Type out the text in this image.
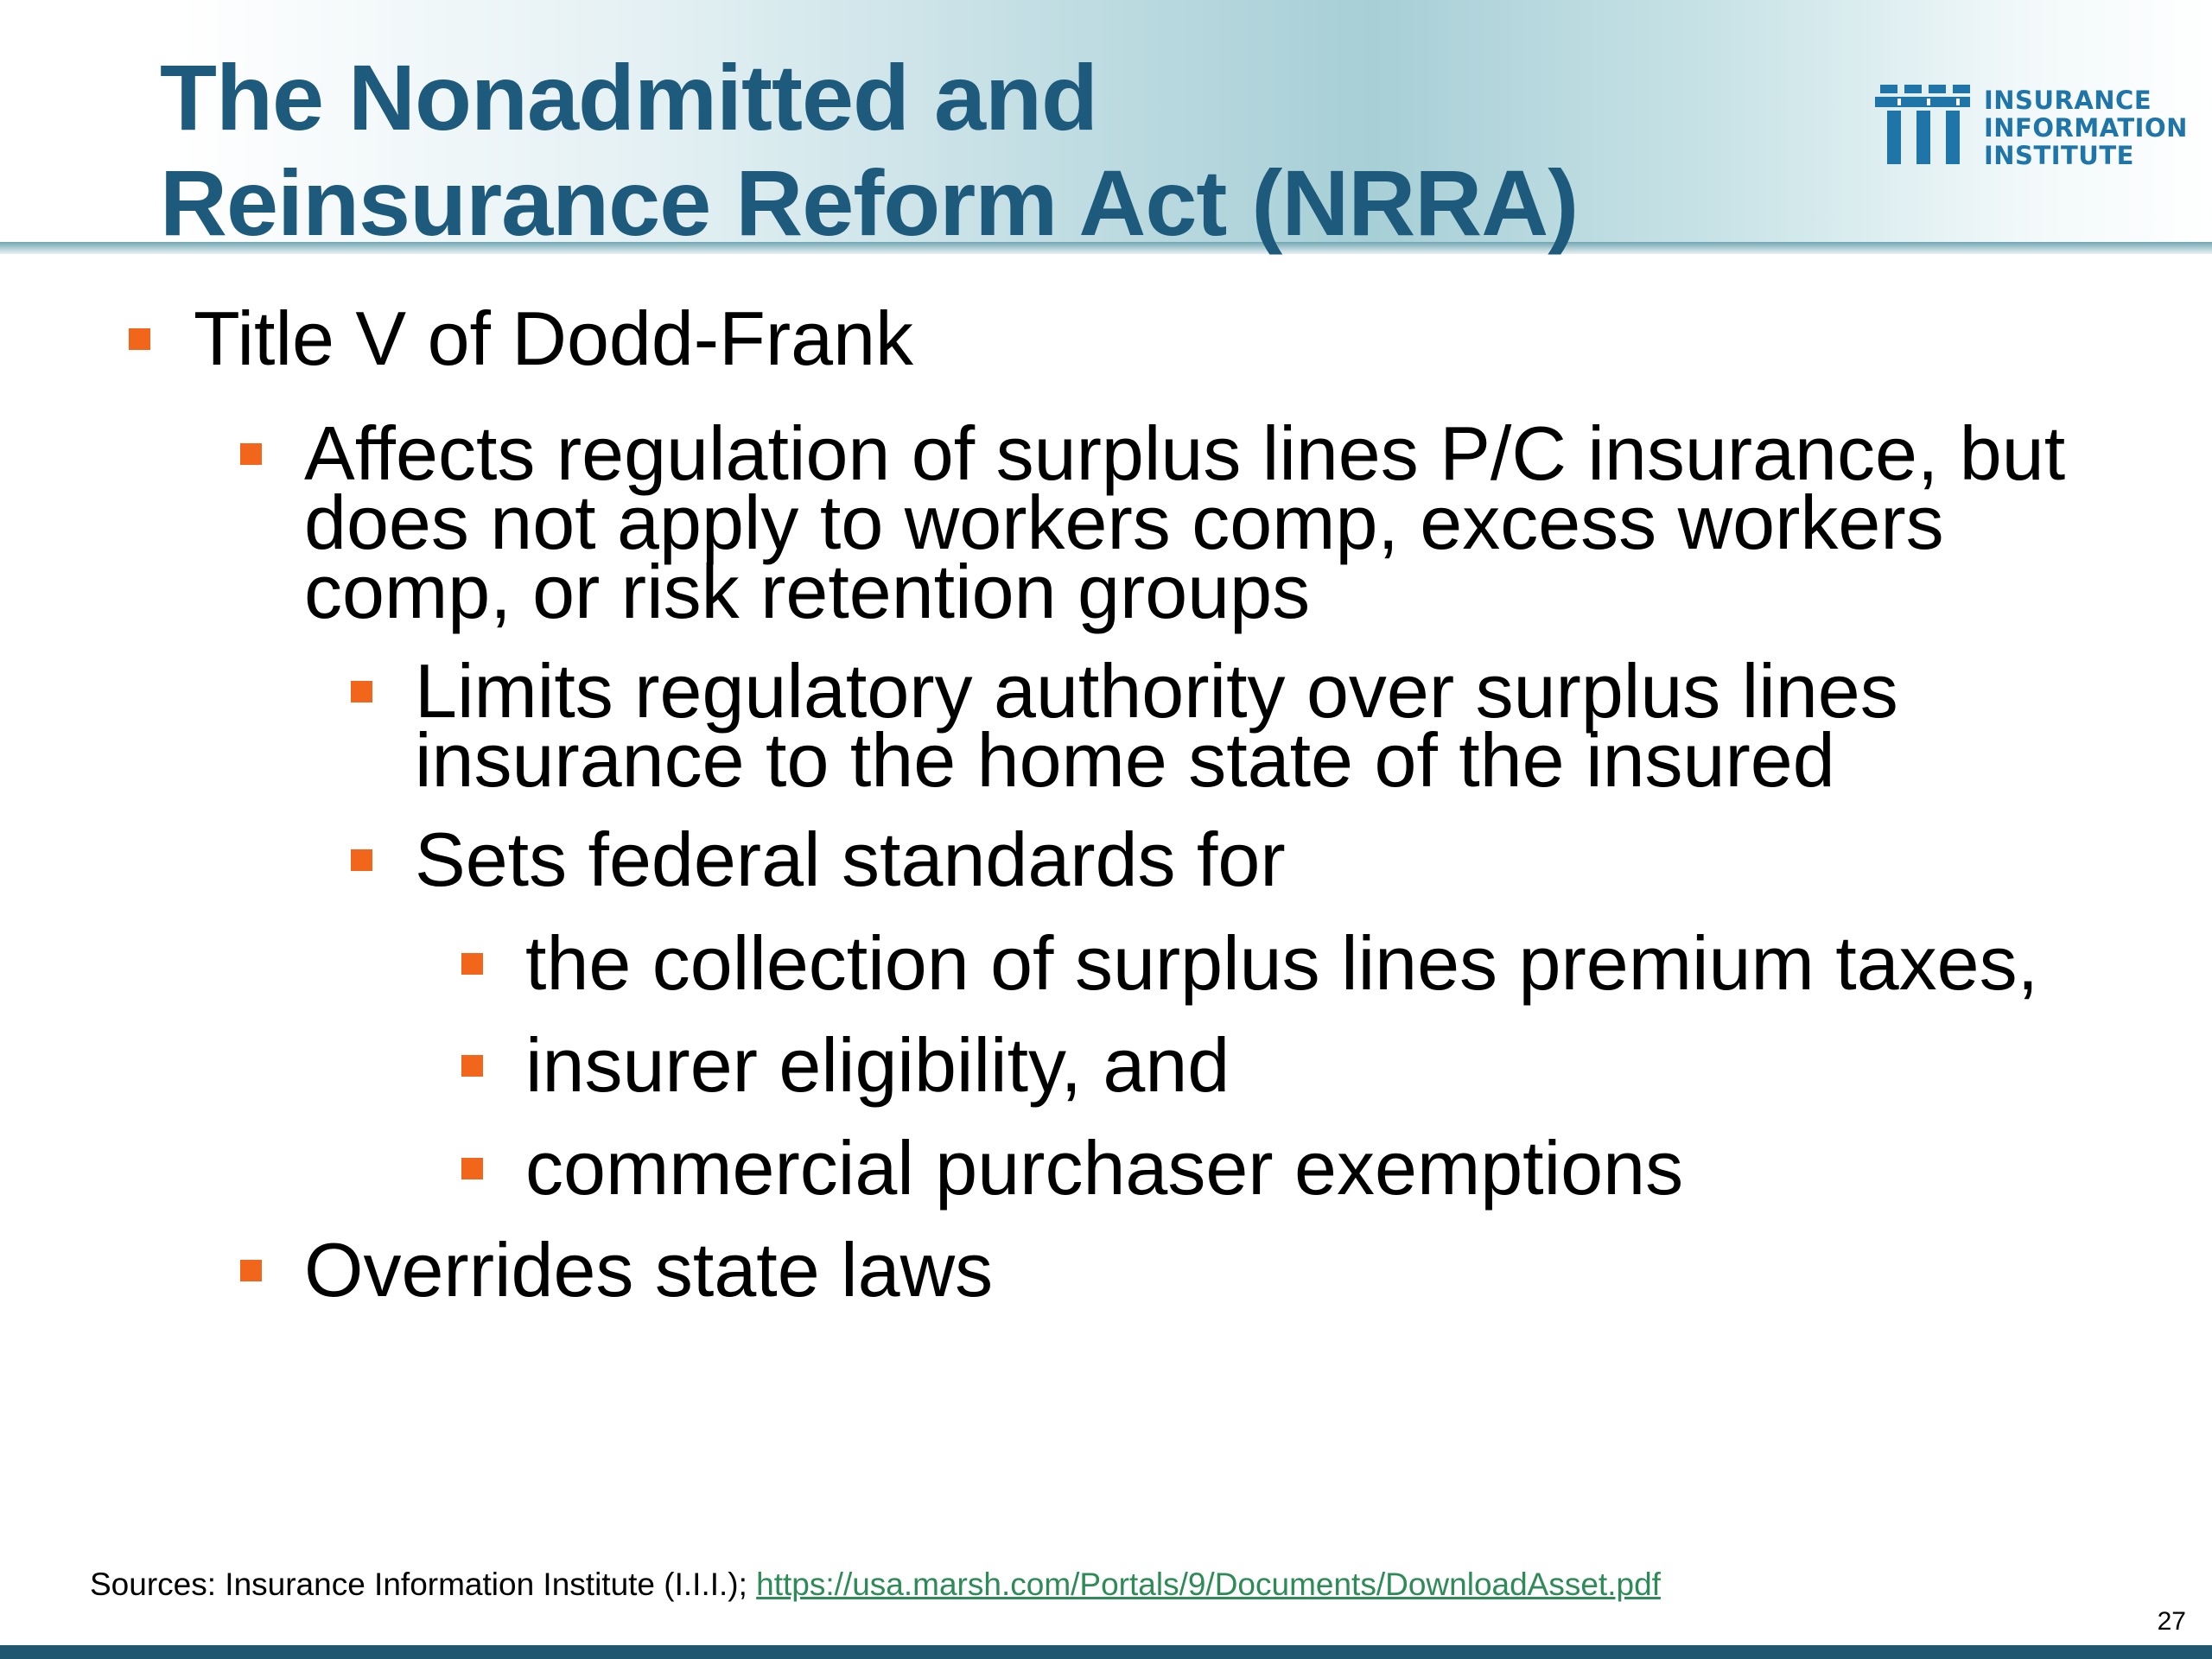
The Nonadmitted and
Reinsurance Reform Act (NRRA)
INSURANCE
INFORMATION
INSTITUTE
Title V of Dodd-Frank
Affects regulation of surplus lines P/C insurance, but
does not apply to workers comp, excess workers
comp, or risk retention groups
Limits regulatory authority over surplus lines
insurance to the home state of the insured
Sets federal standards for
the collection of surplus lines premium taxes,
insurer eligibility, and
commercial purchaser exemptions
Overrides state laws
Sources: Insurance Information Institute (I.I.I.); https://usa.marsh.com/Portals/9/Documents/DownloadAsset.pdf
27
